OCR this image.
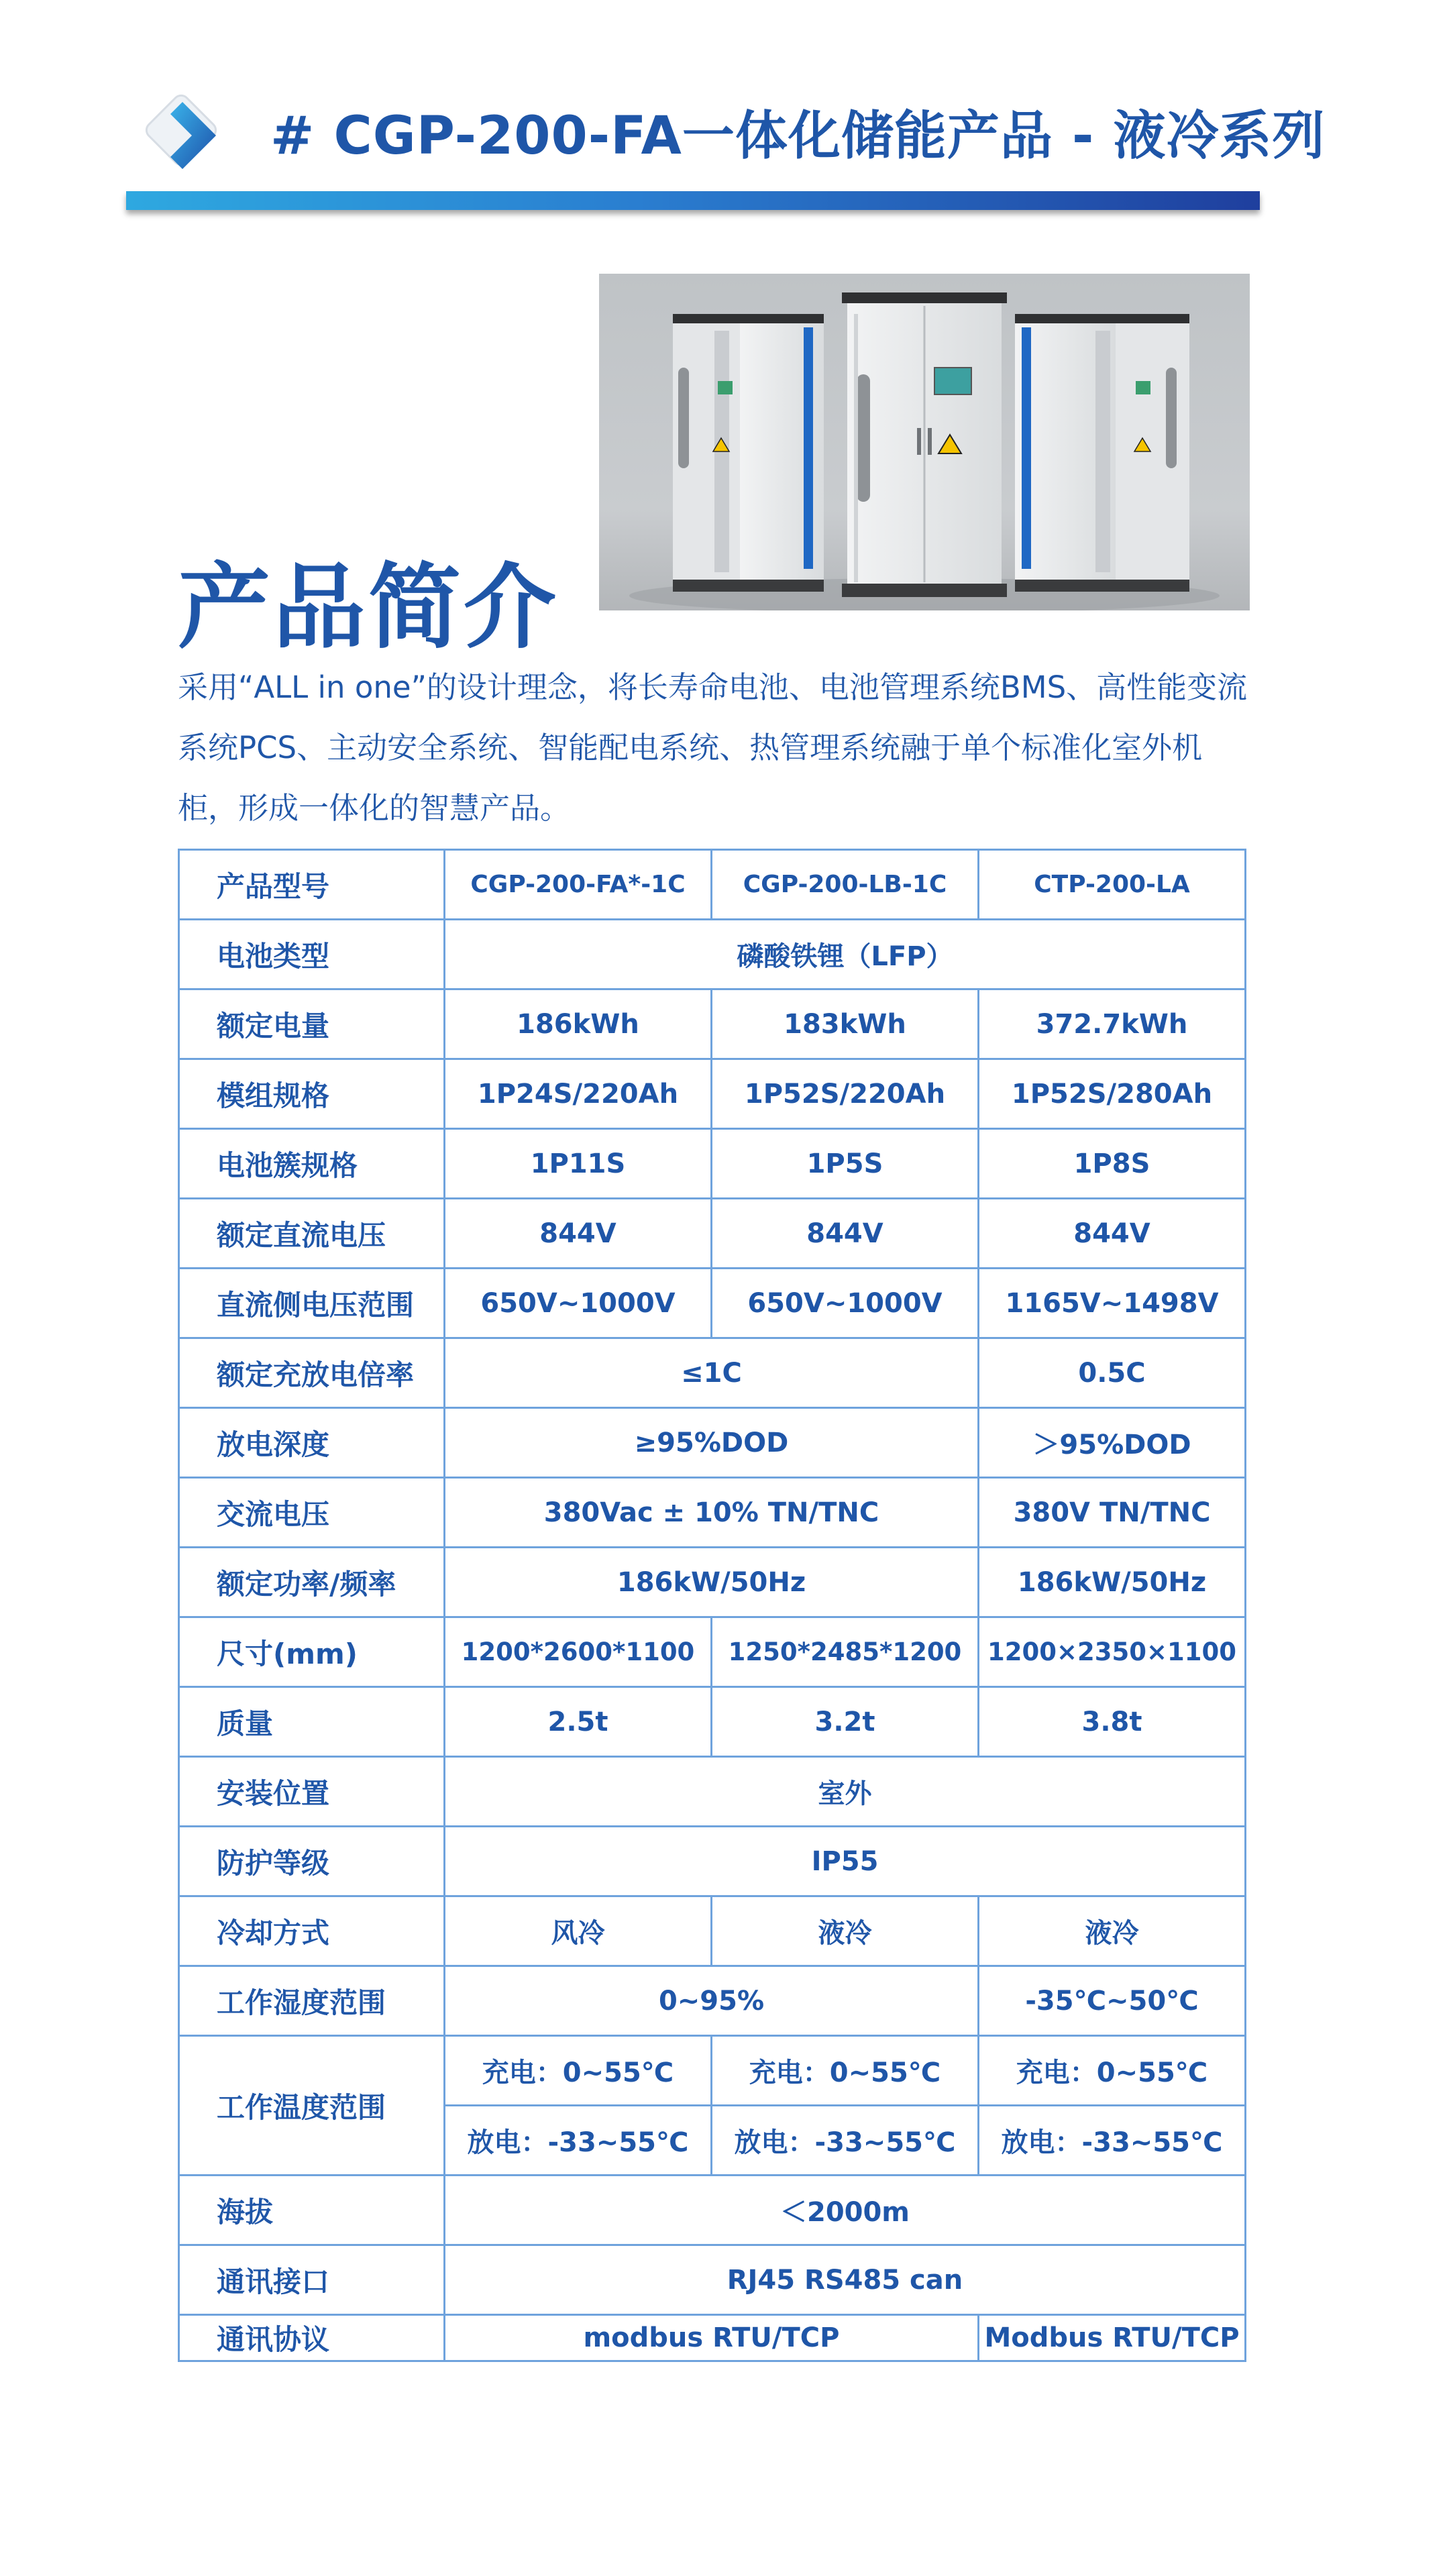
# CGP-200-FA一体化储能产品 - 液冷系列
产品简介
采用“ALL in one”的设计理念，将长寿命电池、电池管理系统BMS、高性能变流系统PCS、主动安全系统、智能配电系统、热管理系统融于单个标准化室外机柜，形成一体化的智慧产品。
产品型号	CGP-200-FA*-1C	CGP-200-LB-1C	CTP-200-LA
电池类型	磷酸铁锂（LFP）		
额定电量	186kWh	183kWh	372.7kWh
模组规格	1P24S/220Ah	1P52S/220Ah	1P52S/280Ah
电池簇规格	1P11S	1P5S	1P8S
额定直流电压	844V	844V	844V
直流侧电压范围	650V~1000V	650V~1000V	1165V~1498V
额定充放电倍率	≤1C		0.5C
放电深度	≥95%DOD		＞95%DOD
交流电压	380Vac ± 10% TN/TNC		380V TN/TNC
额定功率/频率	186kW/50Hz		186kW/50Hz
尺寸(mm)	1200*2600*1100	1250*2485*1200	1200×2350×1100
质量	2.5t	3.2t	3.8t
安装位置	室外		
防护等级	IP55		
冷却方式	风冷	液冷	液冷
工作湿度范围	0~95%		-35℃~50℃
工作温度范围	充电：0~55℃	充电：0~55℃	充电：0~55℃
	放电：-33~55℃	放电：-33~55℃	放电：-33~55℃
海拔	＜2000m		
通讯接口	RJ45 RS485 can		
通讯协议	modbus RTU/TCP		Modbus RTU/TCP
